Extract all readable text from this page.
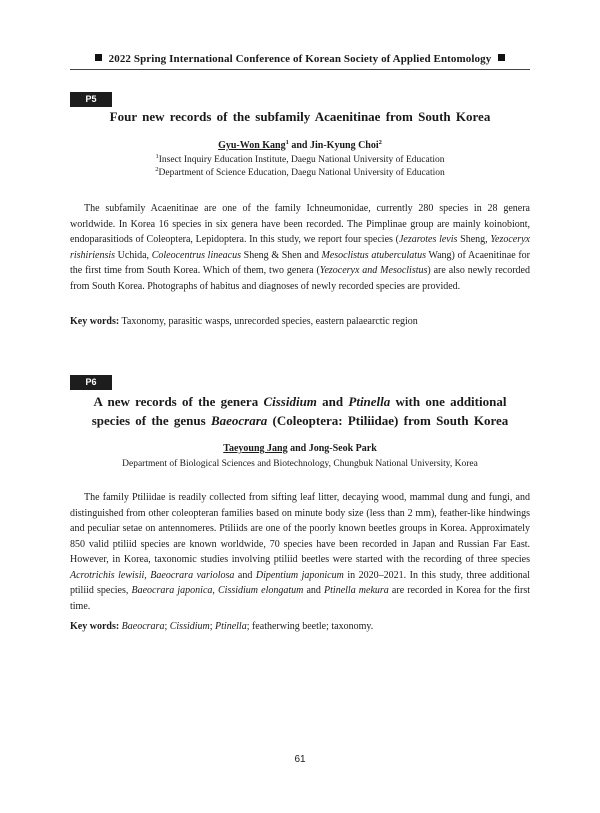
2022 Spring International Conference of Korean Society of Applied Entomology
P5
Four new records of the subfamily Acaenitinae from South Korea
Gyu-Won Kang$^1$ and Jin-Kyung Choi$^2$
$^1$Insect Inquiry Education Institute, Daegu National University of Education
$^2$Department of Science Education, Daegu National University of Education

The subfamily Acaenitinae are one of the family Ichneumonidae, currently 280 species in 28 genera worldwide. In Korea 16 species in six genera have been recorded. The Pimplinae group are mainly koinobiont, endoparasitiods of Coleoptera, Lepidoptera. In this study, we report four species (Jezarotes levis Sheng, Yezoceryx rishiriensis Uchida, Coleocentrus lineacus Sheng & Shen and Mesoclistus atuberculatus Wang) of Acaenitinae for the first time from South Korea. Which of them, two genera (Yezoceryx and Mesoclistus) are also newly recorded from South Korea. Photographs of habitus and diagnoses of newly recorded species are provided.

Key words: Taxonomy, parasitic wasps, unrecorded species, eastern palaearctic region
P6
A new records of the genera Cissidium and Ptinella with one additional species of the genus Baeocrara (Coleoptera: Ptiliidae) from South Korea
Taeyoung Jang and Jong-Seok Park
Department of Biological Sciences and Biotechnology, Chungbuk National University, Korea

The family Ptiliidae is readily collected from sifting leaf litter, decaying wood, mammal dung and fungi, and distinguished from other coleopteran families based on minute body size (less than 2 mm), feather-like hindwings and peculiar setae on antennomeres. Ptiliids are one of the poorly known beetles groups in Korea. Approximately 850 valid ptiliid species are known worldwide, 70 species have been recorded in Japan and Russian Far East. However, in Korea, taxonomic studies involving ptiliid beetles were started with the recording of three species Acrotrichis lewisii, Baeocrara variolosa and Dipentium japonicum in 2020–2021. In this study, three additional ptiliid species, Baeocrara japonica, Cissidium elongatum and Ptinella mekura are recorded in Korea for the first time.

Key words: Baeocrara; Cissidium; Ptinella; featherwing beetle; taxonomy.
61
